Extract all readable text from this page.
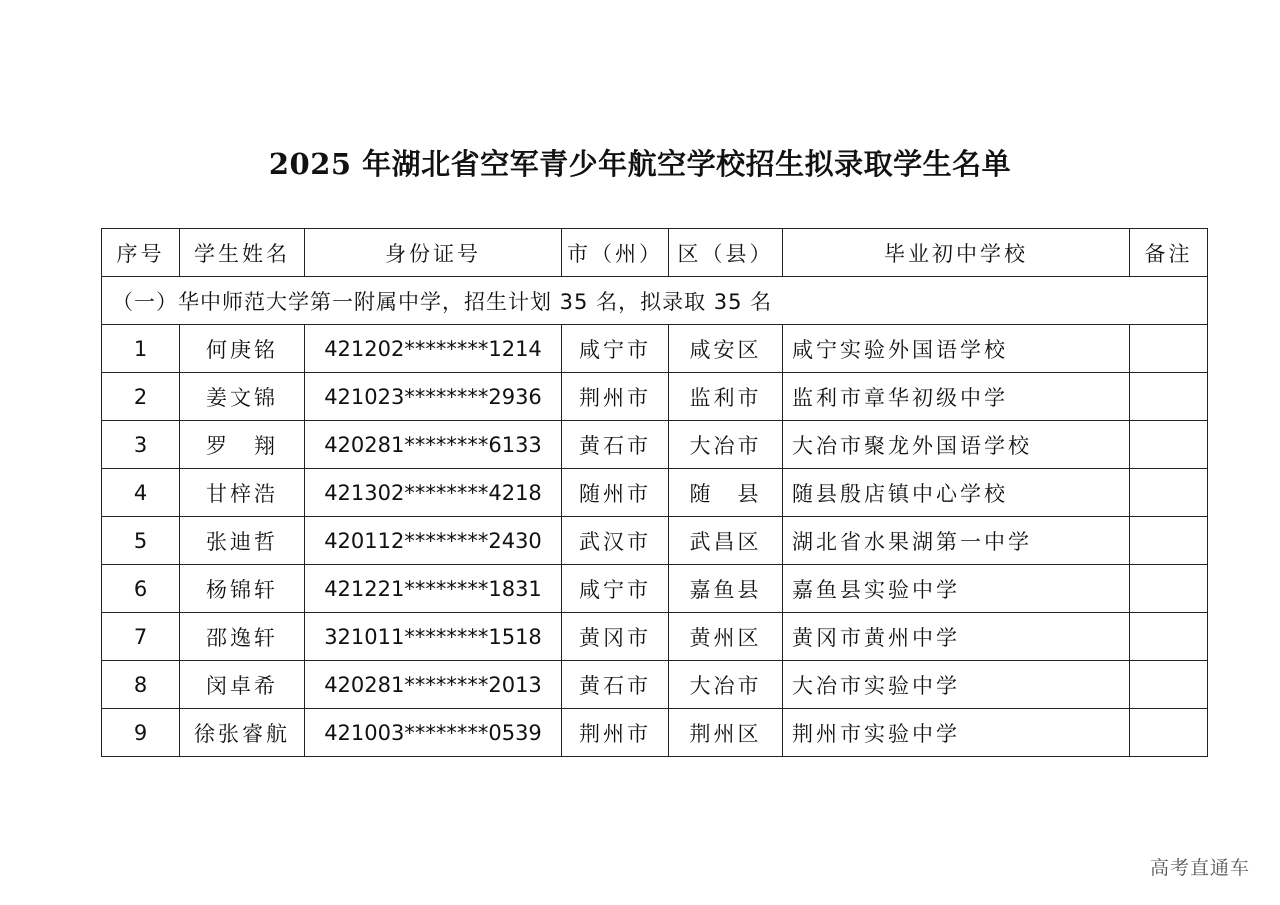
2025 年湖北省空军青少年航空学校招生拟录取学生名单
序号	学生姓名	身份证号	市（州）	区（县）	毕业初中学校	备注
（一）华中师范大学第一附属中学，招生计划 35 名，拟录取 35 名						
1	何庚铭	421202********1214	咸宁市	咸安区	咸宁实验外国语学校	
2	姜文锦	421023********2936	荆州市	监利市	监利市章华初级中学	
3	罗　翔	420281********6133	黄石市	大冶市	大冶市聚龙外国语学校	
4	甘梓浩	421302********4218	随州市	随　县	随县殷店镇中心学校	
5	张迪哲	420112********2430	武汉市	武昌区	湖北省水果湖第一中学	
6	杨锦轩	421221********1831	咸宁市	嘉鱼县	嘉鱼县实验中学	
7	邵逸轩	321011********1518	黄冈市	黄州区	黄冈市黄州中学	
8	闵卓希	420281********2013	黄石市	大冶市	大冶市实验中学	
9	徐张睿航	421003********0539	荆州市	荆州区	荆州市实验中学	
高考直通车
